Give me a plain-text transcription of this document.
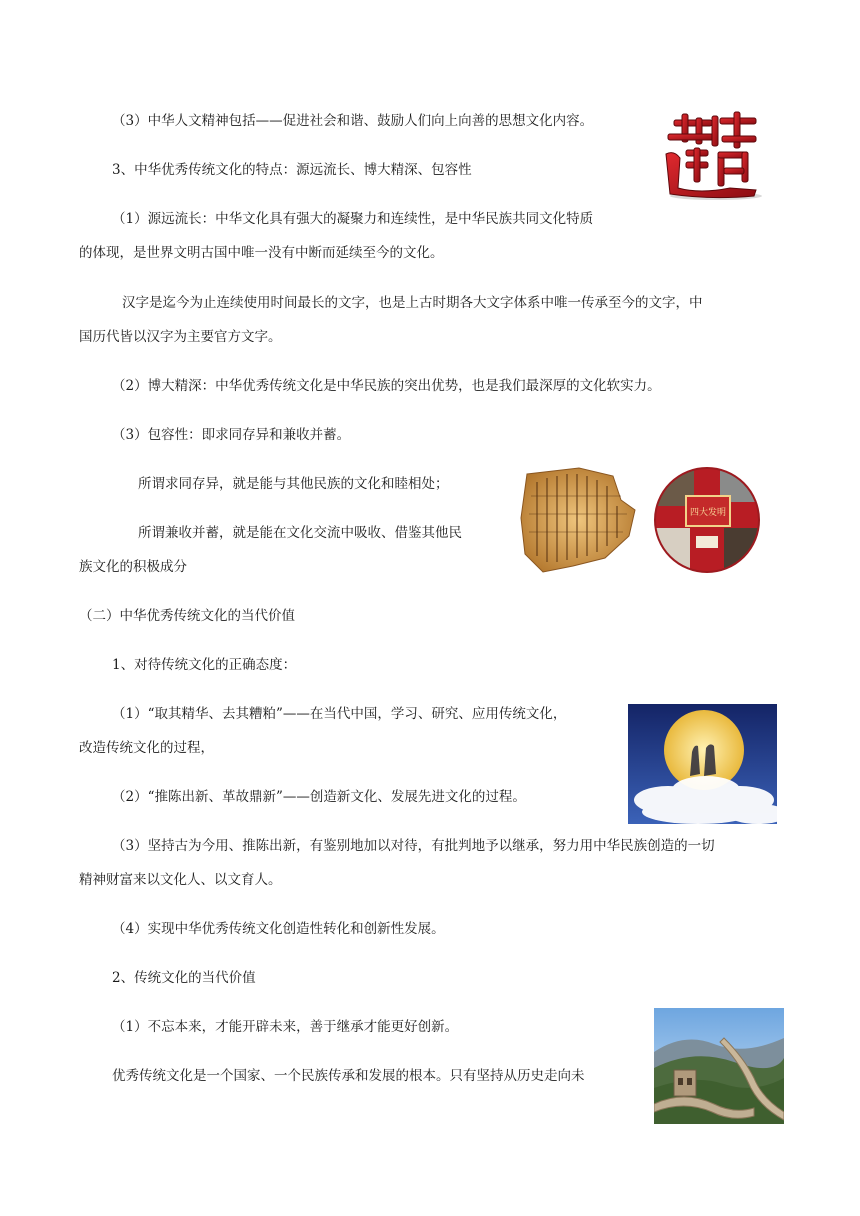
（3）中华人文精神包括——促进社会和谐、鼓励人们向上向善的思想文化内容。
3、中华优秀传统文化的特点：源远流长、博大精深、包容性
（1）源远流长：中华文化具有强大的凝聚力和连续性，是中华民族共同文化特质
的体现，是世界文明古国中唯一没有中断而延续至今的文化。
汉字是迄今为止连续使用时间最长的文字，也是上古时期各大文字体系中唯一传承至今的文字，中
国历代皆以汉字为主要官方文字。
（2）博大精深：中华优秀传统文化是中华民族的突出优势，也是我们最深厚的文化软实力。
（3）包容性：即求同存异和兼收并蓄。
所谓求同存异，就是能与其他民族的文化和睦相处；
所谓兼收并蓄，就是能在文化交流中吸收、借鉴其他民
族文化的积极成分
（二）中华优秀传统文化的当代价值
1、对待传统文化的正确态度：
（1）“取其精华、去其糟粕”——在当代中国，学习、研究、应用传统文化，
改造传统文化的过程，
（2）“推陈出新、革故鼎新”——创造新文化、发展先进文化的过程。
（3）坚持古为今用、推陈出新，有鉴别地加以对待，有批判地予以继承，努力用中华民族创造的一切
精神财富来以文化人、以文育人。
（4）实现中华优秀传统文化创造性转化和创新性发展。
2、传统文化的当代价值
（1）不忘本来，才能开辟未来，善于继承才能更好创新。
优秀传统文化是一个国家、一个民族传承和发展的根本。只有坚持从历史走向未
四大发明
